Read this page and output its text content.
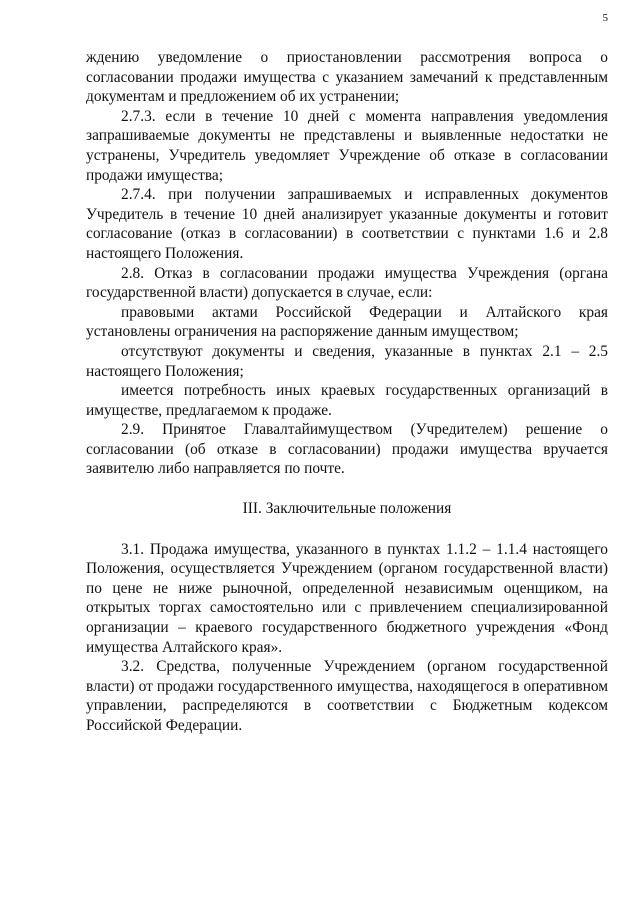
5

ждению уведомление о приостановлении рассмотрения вопроса о согласовании продажи имущества с указанием замечаний к представленным документам и предложением об их устранении;

2.7.3. если в течение 10 дней с момента направления уведомления запрашиваемые документы не представлены и выявленные недостатки не устранены, Учредитель уведомляет Учреждение об отказе в согласовании продажи имущества;

2.7.4. при получении запрашиваемых и исправленных документов Учредитель в течение 10 дней анализирует указанные документы и готовит согласование (отказ в согласовании) в соответствии с пунктами 1.6 и 2.8 настоящего Положения.

2.8. Отказ в согласовании продажи имущества Учреждения (органа государственной власти) допускается в случае, если:

правовыми актами Российской Федерации и Алтайского края установлены ограничения на распоряжение данным имуществом;

отсутствуют документы и сведения, указанные в пунктах 2.1 – 2.5 настоящего Положения;

имеется потребность иных краевых государственных организаций в имуществе, предлагаемом к продаже.

2.9. Принятое Главалтайимуществом (Учредителем) решение о согласовании (об отказе в согласовании) продажи имущества вручается заявителю либо направляется по почте.

III. Заключительные положения

3.1. Продажа имущества, указанного в пунктах 1.1.2 – 1.1.4 настоящего Положения, осуществляется Учреждением (органом государственной власти) по цене не ниже рыночной, определенной независимым оценщиком, на открытых торгах самостоятельно или с привлечением специализированной организации – краевого государственного бюджетного учреждения «Фонд имущества Алтайского края».

3.2. Средства, полученные Учреждением (органом государственной власти) от продажи государственного имущества, находящегося в оперативном управлении, распределяются в соответствии с Бюджетным кодексом Российской Федерации.
